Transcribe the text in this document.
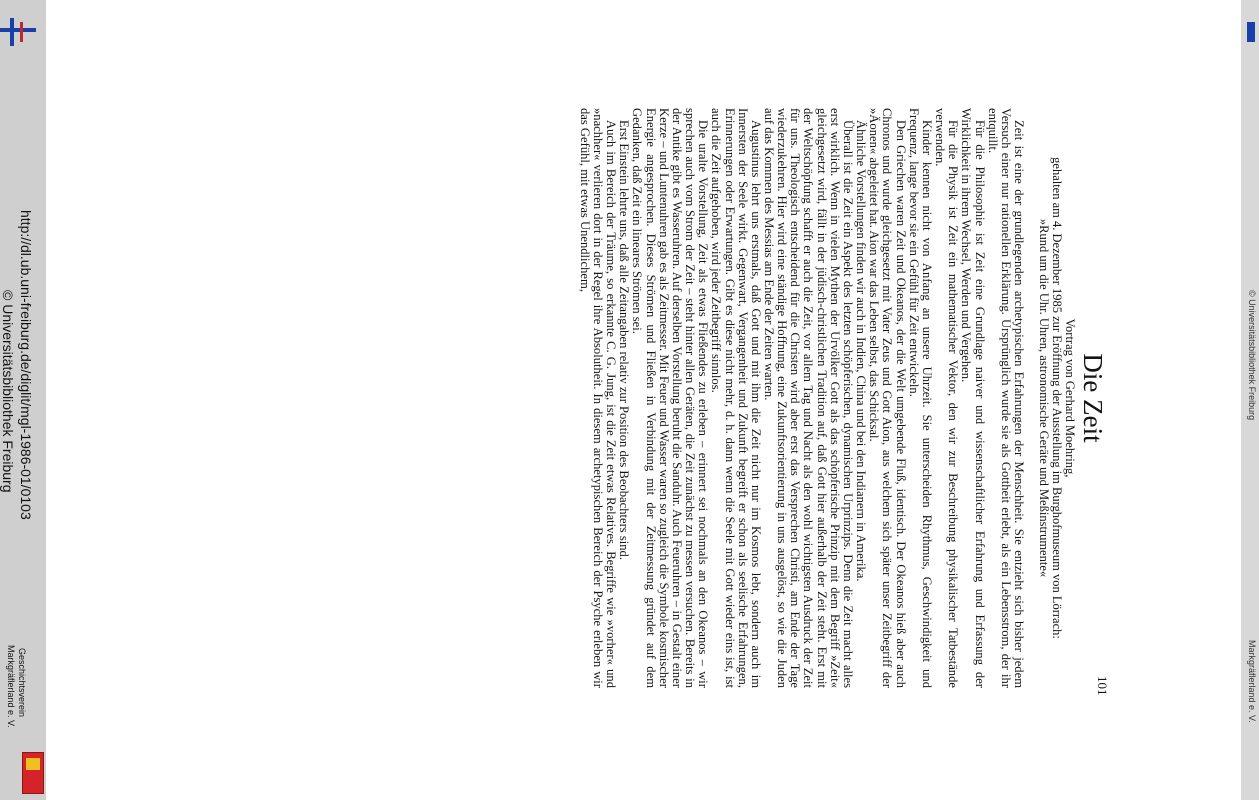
http://dl.ub.uni-freiburg.de/diglit/mgl-1986-01/0103
© Universitätsbibliothek Freiburg
Geschichtsverein
Markgräflerland e. V.
© Universitätsbibliothek Freiburg
Markgräflerland e. V.
Die Zeit
Vortrag von Gerhard Moehring,
gehalten am 4. Dezember 1985 zur Eröffnung der Ausstellung im Burghofmuseum von Lörrach:
»Rund um die Uhr. Uhren, astronomische Geräte und Meßinstrumente«

Zeit ist eine der grundlegenden archetypischen Erfahrungen der Menschheit. Sie entzieht sich bisher jedem Versuch einer nur rationellen Erklärung. Ursprünglich wurde sie als Gottheit erlebt, als ein Lebensstrom, der ihr entquillt.

Für die Philosophie ist Zeit eine Grundlage naiver und wissenschaftlicher Erfahrung und Erfassung der Wirklichkeit in ihrem Wechsel, Werden und Vergehen.

Für die Physik ist Zeit ein mathematischer Vektor, den wir zur Beschreibung physikalischer Tatbestände verwenden.

Kinder kennen nicht von Anfang an unsere Uhrzeit. Sie unterscheiden Rhythmus, Geschwindigkeit und Frequenz, lange bevor sie ein Gefühl für Zeit entwickeln.

Den Griechen waren Zeit und Okeanos, der die Welt umgebende Fluß, identisch. Der Okeanos hieß aber auch Chronos und wurde gleichgesetzt mit Vater Zeus und Gott Aion, aus welchem sich später unser Zeitbegriff der »Äonen« abgeleitet hat. Aion war das Leben selbst, das Schicksal.

Ähnliche Vorstellungen finden wir auch in Indien, China und bei den Indianern in Amerika.

Überall ist die Zeit ein Aspekt des letzten schöpferischen, dynamischen Urprinzips. Denn die Zeit macht alles erst wirklich. Wenn in vielen Mythen der Urvölker Gott als das schöpferische Prinzip mit dem Begriff »Zeit« gleichgesetzt wird, fällt in der jüdisch-christlichen Tradition auf, daß Gott hier außerhalb der Zeit steht. Erst mit der Weltschöpfung schafft er auch die Zeit, vor allem Tag und Nacht als den wohl wichtigsten Ausdruck der Zeit für uns. Theologisch entscheidend für die Christen wird aber erst das Versprechen Christi, am Ende der Tage wiederzukehren. Hier wird eine ständige Hoffnung, eine Zukunftsorientierung in uns ausgelöst, so wie die Juden auf das Kommen des Messias am Ende der Zeiten warten.

Augustinus lehrt uns erstmals, daß Gott und mit ihm die Zeit nicht nur im Kosmos lebt, sondern auch im Innersten der Seele wirkt. Gegenwart, Vergangenheit und Zukunft begreift er schon als seelische Erfahrungen, Erinnerungen oder Erwartungen. Gibt es diese nicht mehr, d. h. dann wenn die Seele mit Gott wieder eins ist, ist auch die Zeit aufgehoben, wird jeder Zeitbegriff sinnlos.

Die uralte Vorstellung, Zeit als etwas Fließendes zu erleben – erinnert sei nochmals an den Okeanos – wir sprechen auch vom Strom der Zeit – steht hinter allen Geräten, die Zeit zunächst zu messen versuchen. Bereits in der Antike gibt es Wasseruhren. Auf derselben Vorstellung beruht die Sanduhr. Auch Feueruhren – in Gestalt einer Kerze – und Luntenuhren gab es als Zeitmesser. Mit Feuer und Wasser waren so zugleich die Symbole kosmischer Energie angesprochen. Dieses Strömen und Fließen in Verbindung mit der Zeitmessung gründet auf dem Gedanken, daß Zeit ein lineares Strömen sei.

Erst Einstein lehrte uns, daß alle Zeitangaben relativ zur Position des Beobachters sind.

Auch im Bereich der Träume, so erkannte C. G. Jung, ist die Zeit etwas Relatives. Begriffe wie »vorher« und »nachher« verlieren dort in der Regel ihre Absolutheit. In diesem archetypischen Bereich der Psyche erleben wir das Gefühl, mit etwas Unendlichem,

101
